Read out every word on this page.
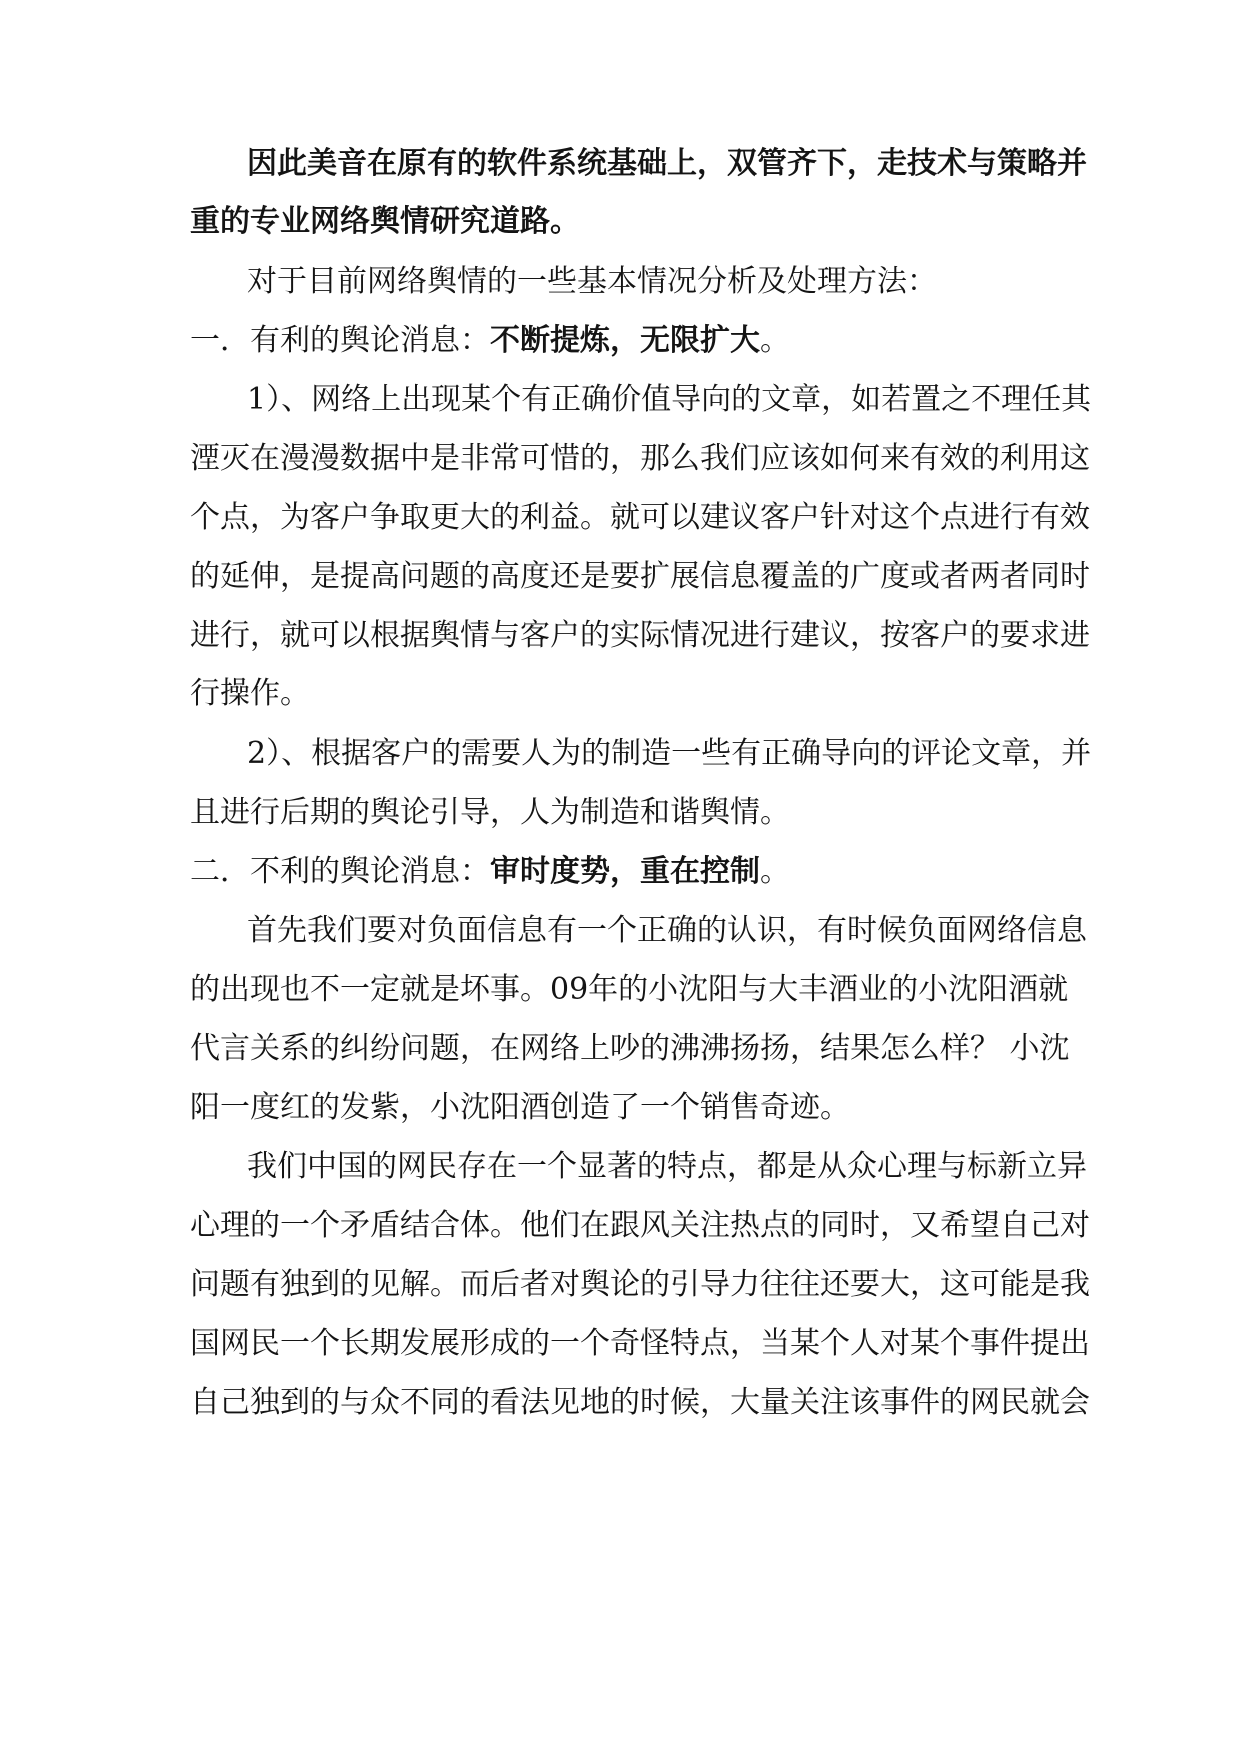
因此美音在原有的软件系统基础上，双管齐下，走技术与策略并
重的专业网络舆情研究道路。
对于目前网络舆情的一些基本情况分析及处理方法：
一．有利的舆论消息：不断提炼，无限扩大。
1）、网络上出现某个有正确价值导向的文章，如若置之不理任其
湮灭在漫漫数据中是非常可惜的，那么我们应该如何来有效的利用这
个点，为客户争取更大的利益。就可以建议客户针对这个点进行有效
的延伸，是提高问题的高度还是要扩展信息覆盖的广度或者两者同时
进行，就可以根据舆情与客户的实际情况进行建议，按客户的要求进
行操作。
2）、根据客户的需要人为的制造一些有正确导向的评论文章，并
且进行后期的舆论引导，人为制造和谐舆情。
二．不利的舆论消息：审时度势，重在控制。
首先我们要对负面信息有一个正确的认识，有时候负面网络信息
的出现也不一定就是坏事。09年的小沈阳与大丰酒业的小沈阳酒就
代言关系的纠纷问题，在网络上吵的沸沸扬扬，结果怎么样？ 小沈
阳一度红的发紫，小沈阳酒创造了一个销售奇迹。
我们中国的网民存在一个显著的特点，都是从众心理与标新立异
心理的一个矛盾结合体。他们在跟风关注热点的同时，又希望自己对
问题有独到的见解。而后者对舆论的引导力往往还要大，这可能是我
国网民一个长期发展形成的一个奇怪特点，当某个人对某个事件提出
自己独到的与众不同的看法见地的时候，大量关注该事件的网民就会
